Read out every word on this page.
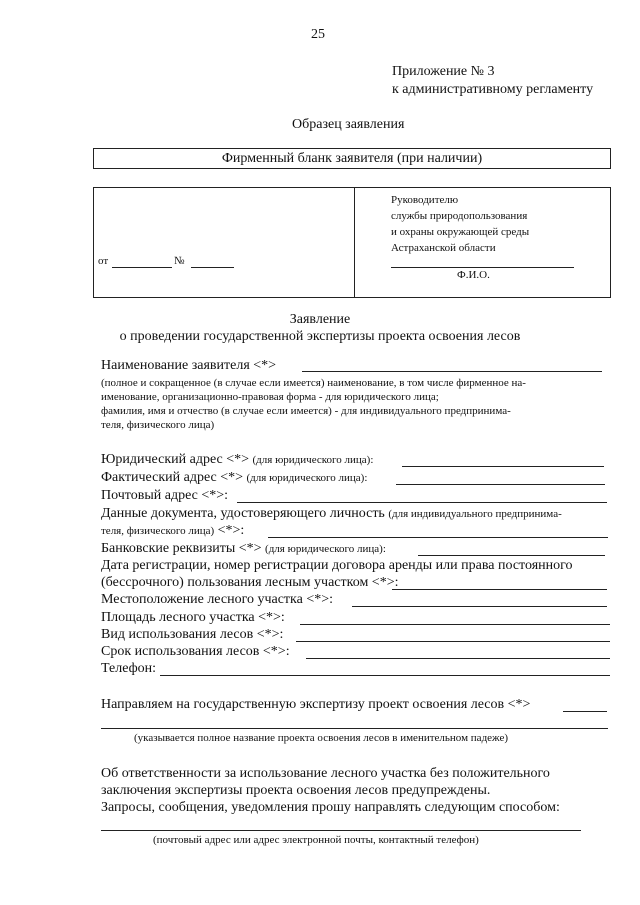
25
Приложение № 3
к административному регламенту
Образец заявления
Фирменный бланк заявителя (при наличии)
от	№
Руководителю
службы природопользования
и охраны окружающей среды
Астраханской области
Ф.И.О.
Заявление
о проведении государственной экспертизы проекта освоения лесов
Наименование заявителя <*>
(полное и сокращенное (в случае если имеется) наименование, в том числе фирменное на-
именование, организационно-правовая форма - для юридического лица;
фамилия, имя и отчество (в случае если имеется) - для индивидуального предпринима-
теля, физического лица)
Юридический адрес <*> (для юридического лица):
Фактический адрес <*> (для юридического лица):
Почтовый адрес <*>:
Данные документа, удостоверяющего личность (для индивидуального предпринима-
теля, физического лица) <*>:
Банковские реквизиты <*> (для юридического лица):
Дата регистрации, номер регистрации договора аренды или права постоянного
(бессрочного) пользования лесным участком <*>:
Местоположение лесного участка <*>:
Площадь лесного участка <*>:
Вид использования лесов <*>:
Срок использования лесов <*>:
Телефон:
Направляем на государственную экспертизу проект освоения лесов <*>
(указывается полное название проекта освоения лесов в именительном падеже)
Об ответственности за использование лесного участка без положительного
заключения экспертизы проекта освоения лесов предупреждены.
Запросы, сообщения, уведомления прошу направлять следующим способом:
(почтовый адрес или адрес электронной почты, контактный телефон)
